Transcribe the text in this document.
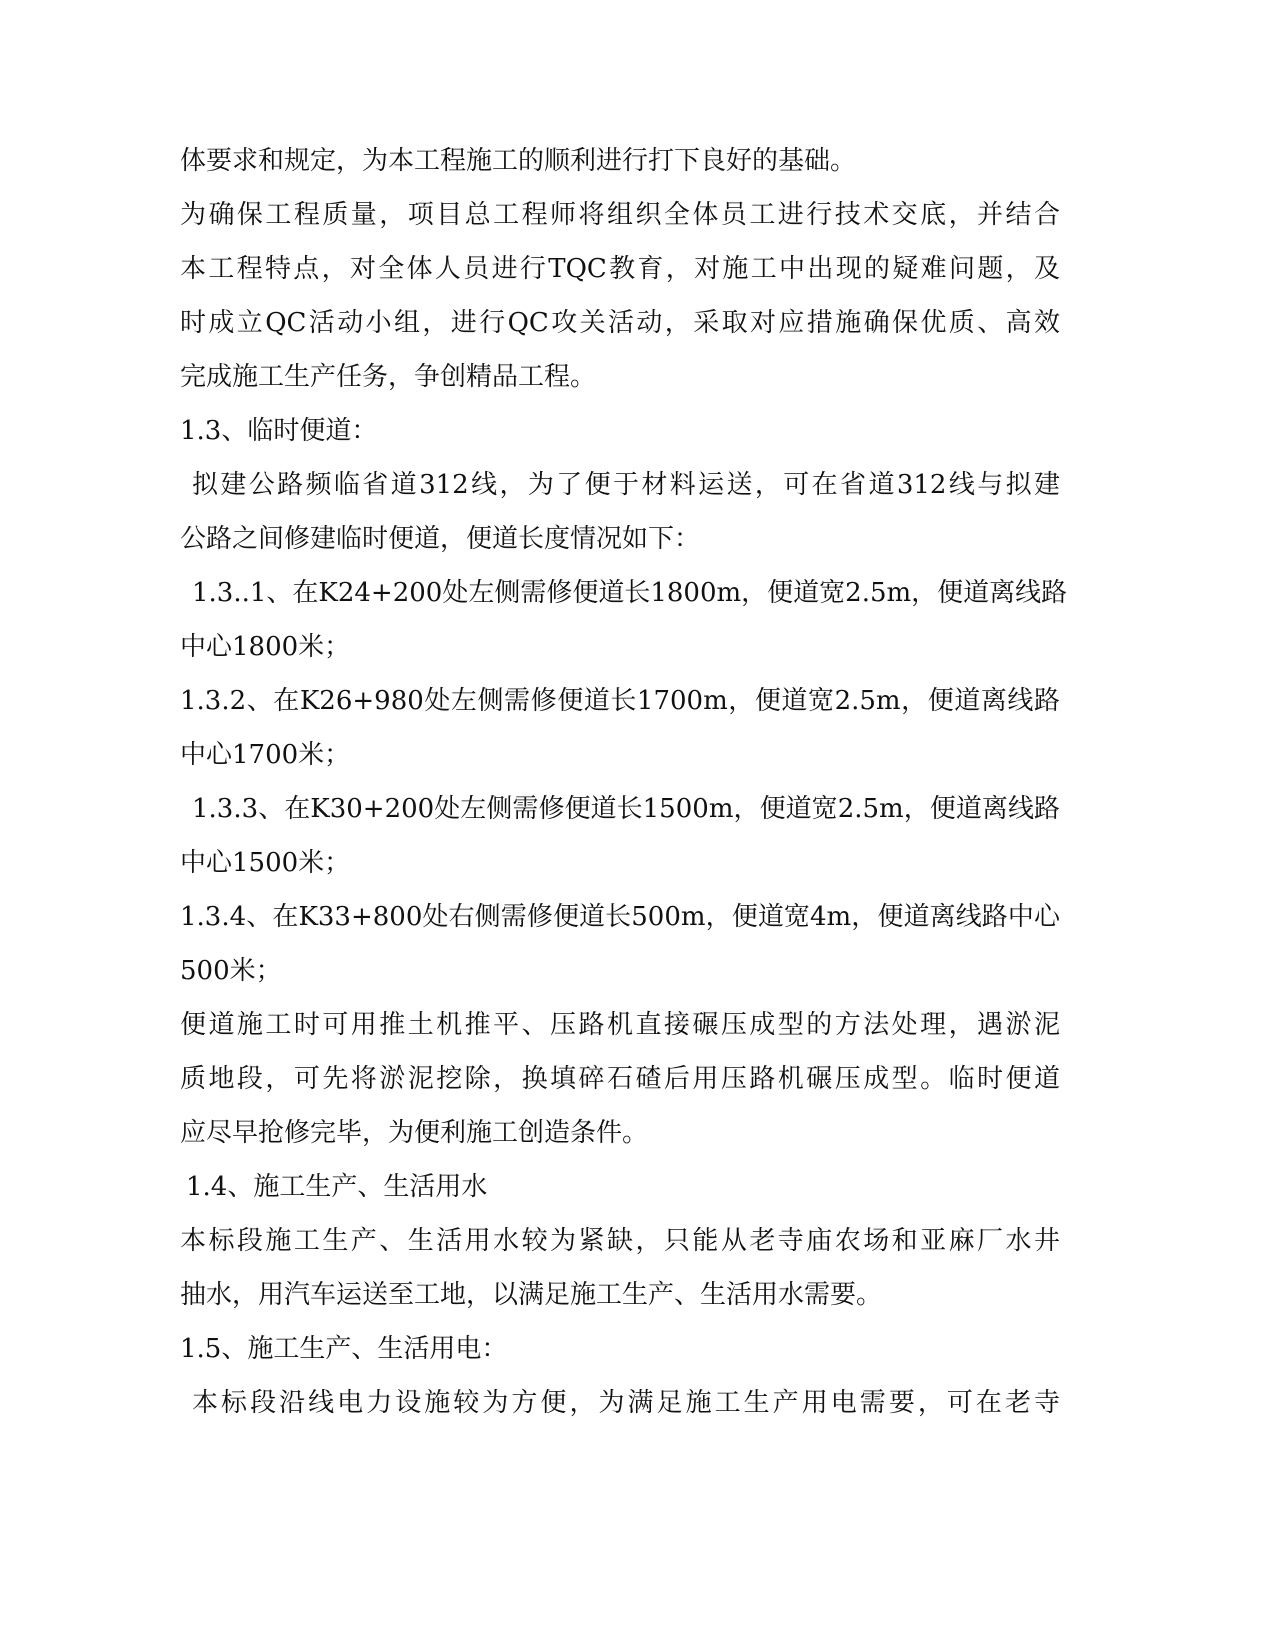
体要求和规定，为本工程施工的顺利进行打下良好的基础。
为确保工程质量，项目总工程师将组织全体员工进行技术交底，并结合
本工程特点，对全体人员进行TQC教育，对施工中出现的疑难问题，及
时成立QC活动小组，进行QC攻关活动，采取对应措施确保优质、高效
完成施工生产任务，争创精品工程。
1.3、临时便道：
拟建公路频临省道312线，为了便于材料运送，可在省道312线与拟建
公路之间修建临时便道，便道长度情况如下：
1.3..1、在K24+200处左侧需修便道长1800m，便道宽2.5m，便道离线路
中心1800米；
1.3.2、在K26+980处左侧需修便道长1700m，便道宽2.5m，便道离线路
中心1700米；
1.3.3、在K30+200处左侧需修便道长1500m，便道宽2.5m，便道离线路
中心1500米；
1.3.4、在K33+800处右侧需修便道长500m，便道宽4m，便道离线路中心
500米；
便道施工时可用推土机推平、压路机直接碾压成型的方法处理，遇淤泥
质地段，可先将淤泥挖除，换填碎石碴后用压路机碾压成型。临时便道
应尽早抢修完毕，为便利施工创造条件。
1.4、施工生产、生活用水
本标段施工生产、生活用水较为紧缺，只能从老寺庙农场和亚麻厂水井
抽水，用汽车运送至工地，以满足施工生产、生活用水需要。
1.5、施工生产、生活用电：
本标段沿线电力设施较为方便，为满足施工生产用电需要，可在老寺
